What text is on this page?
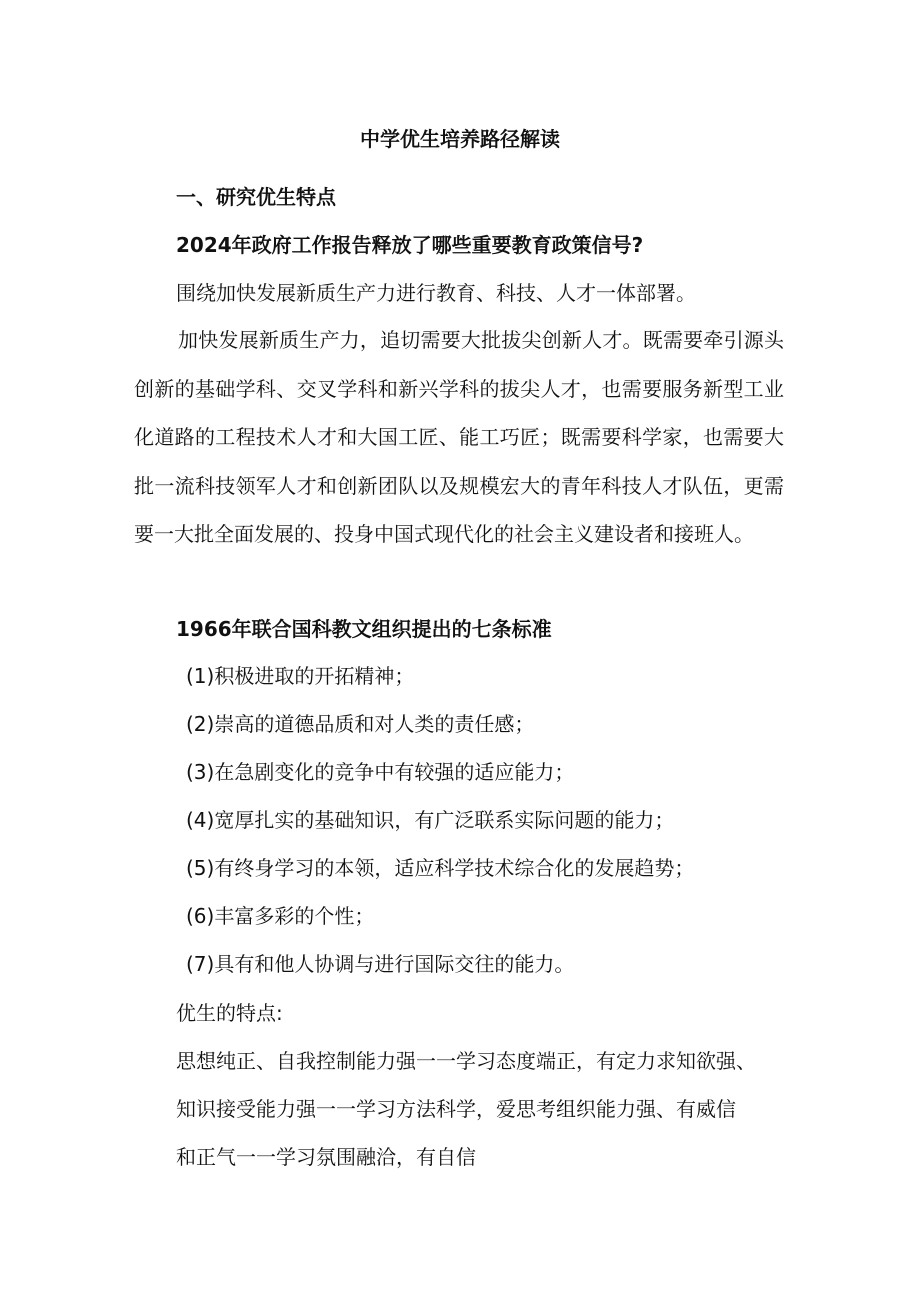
中学优生培养路径解读
一、研究优生特点
2024年政府工作报告释放了哪些重要教育政策信号?
围绕加快发展新质生产力进行教育、科技、人才一体部署。
加快发展新质生产力，追切需要大批拔尖创新人才。既需要牵引源头创新的基础学科、交叉学科和新兴学科的拔尖人才，也需要服务新型工业化道路的工程技术人才和大国工匠、能工巧匠；既需要科学家，也需要大批一流科技领军人才和创新团队以及规模宏大的青年科技人才队伍，更需要一大批全面发展的、投身中国式现代化的社会主义建设者和接班人。
1966年联合国科教文组织提出的七条标准
(1)积极进取的开拓精神；
(2)崇高的道德品质和对人类的责任感；
(3)在急剧变化的竞争中有较强的适应能力；
(4)宽厚扎实的基础知识，有广泛联系实际问题的能力；
(5)有终身学习的本领，适应科学技术综合化的发展趋势；
(6)丰富多彩的个性；
(7)具有和他人协调与进行国际交往的能力。
优生的特点:
思想纯正、自我控制能力强一一学习态度端正，有定力求知欲强、
知识接受能力强一一学习方法科学，爱思考组织能力强、有威信
和正气一一学习氛围融洽，有自信
